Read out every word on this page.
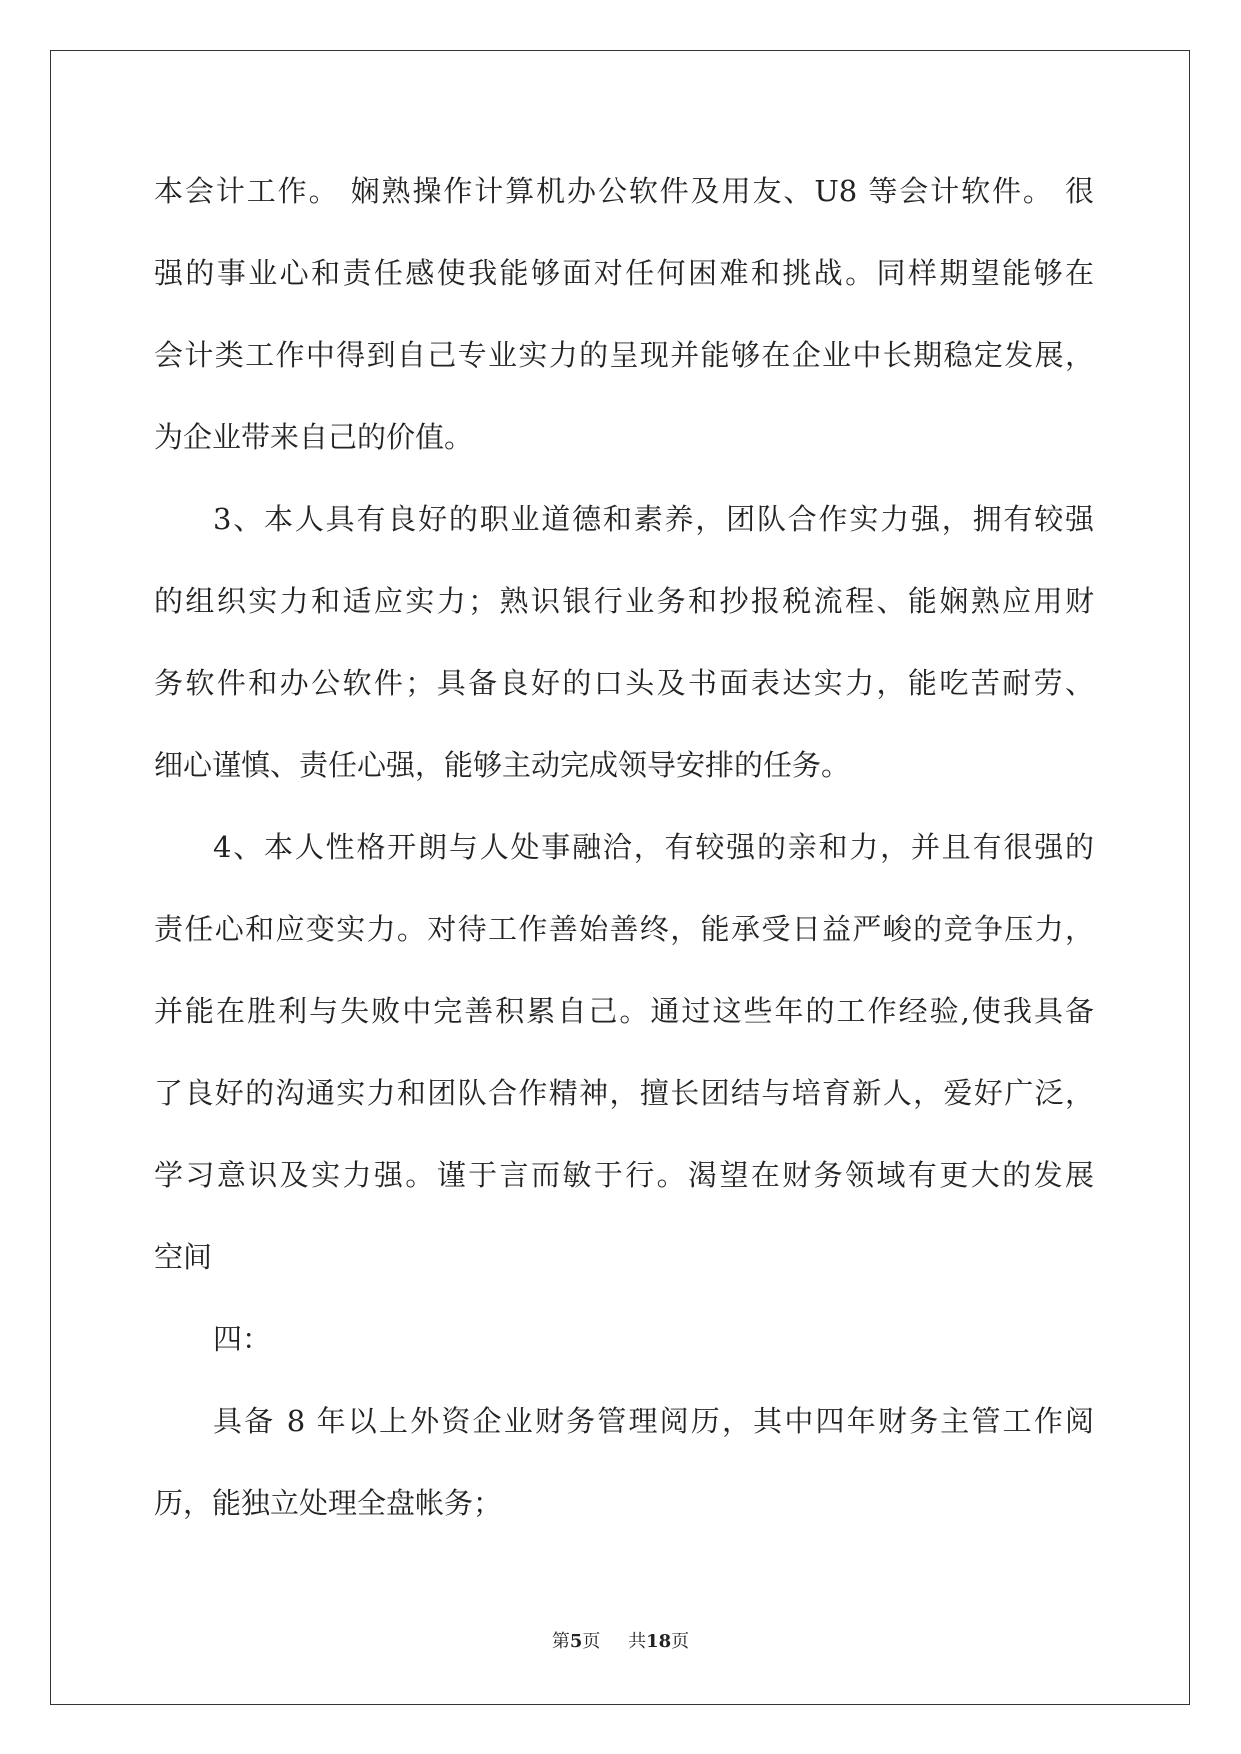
本会计工作。 娴熟操作计算机办公软件及用友、U8 等会计软件。 很
强的事业心和责任感使我能够面对任何困难和挑战。同样期望能够在
会计类工作中得到自己专业实力的呈现并能够在企业中长期稳定发展，
为企业带来自己的价值。
3、本人具有良好的职业道德和素养，团队合作实力强，拥有较强
的组织实力和适应实力；熟识银行业务和抄报税流程、能娴熟应用财
务软件和办公软件；具备良好的口头及书面表达实力，能吃苦耐劳、
细心谨慎、责任心强，能够主动完成领导安排的任务。
4、本人性格开朗与人处事融洽，有较强的亲和力，并且有很强的
责任心和应变实力。对待工作善始善终，能承受日益严峻的竞争压力，
并能在胜利与失败中完善积累自己。通过这些年的工作经验,使我具备
了良好的沟通实力和团队合作精神，擅长团结与培育新人，爱好广泛，
学习意识及实力强。谨于言而敏于行。渴望在财务领域有更大的发展
空间
四：
具备 8 年以上外资企业财务管理阅历，其中四年财务主管工作阅
历，能独立处理全盘帐务；
第5页 共18页
